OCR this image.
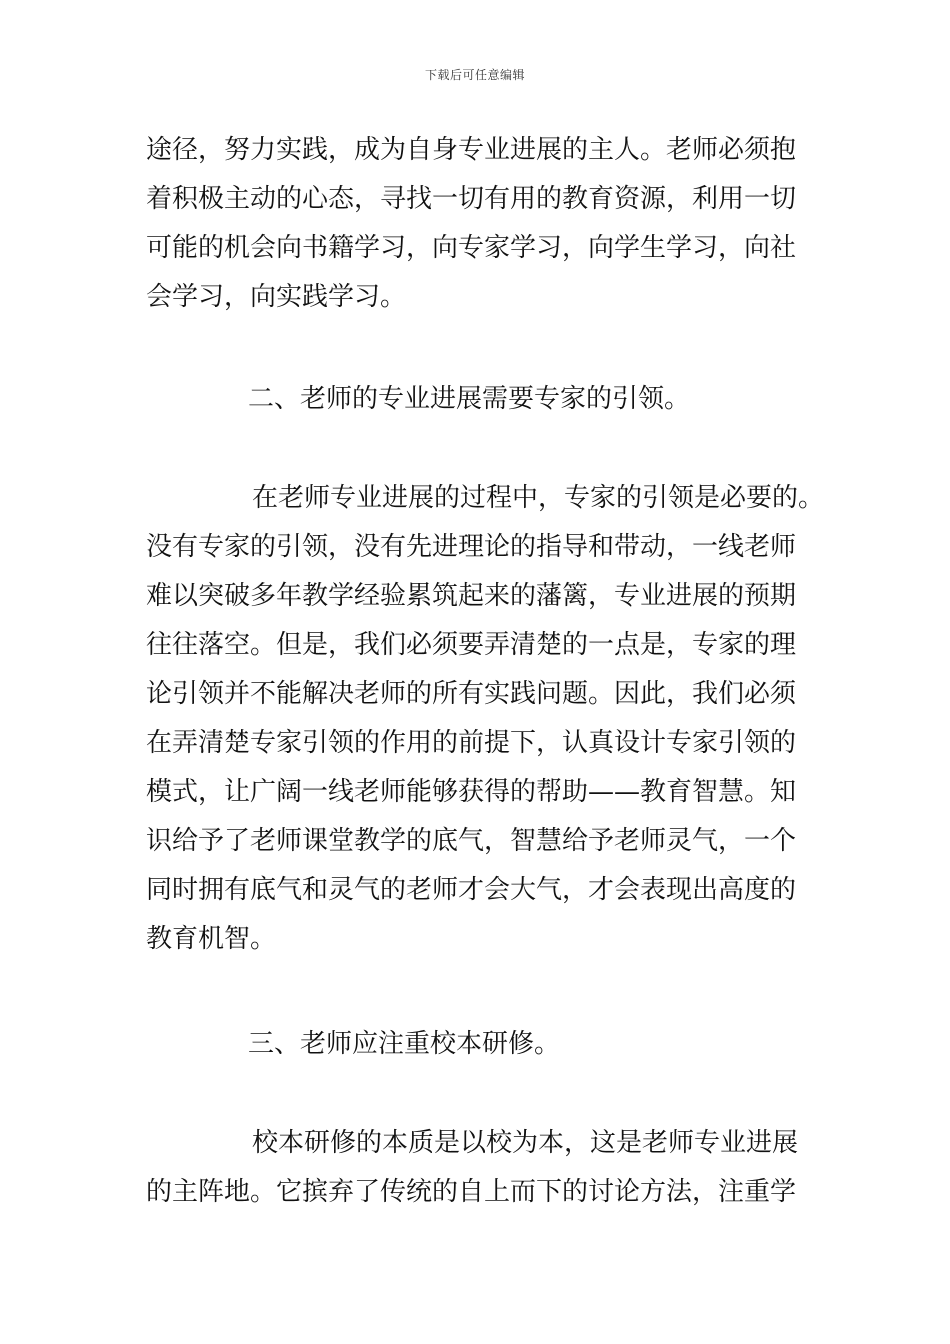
下载后可任意编辑
途径，努力实践，成为自身专业进展的主人。老师必须抱
着积极主动的心态，寻找一切有用的教育资源，利用一切
可能的机会向书籍学习，向专家学习，向学生学习，向社
会学习，向实践学习。
二、老师的专业进展需要专家的引领。
在老师专业进展的过程中，专家的引领是必要的。
没有专家的引领，没有先进理论的指导和带动，一线老师
难以突破多年教学经验累筑起来的藩篱，专业进展的预期
往往落空。但是，我们必须要弄清楚的一点是，专家的理
论引领并不能解决老师的所有实践问题。因此，我们必须
在弄清楚专家引领的作用的前提下，认真设计专家引领的
模式，让广阔一线老师能够获得的帮助——教育智慧。知
识给予了老师课堂教学的底气，智慧给予老师灵气，一个
同时拥有底气和灵气的老师才会大气，才会表现出高度的
教育机智。
三、老师应注重校本研修。
校本研修的本质是以校为本，这是老师专业进展
的主阵地。它摈弃了传统的自上而下的讨论方法，注重学
